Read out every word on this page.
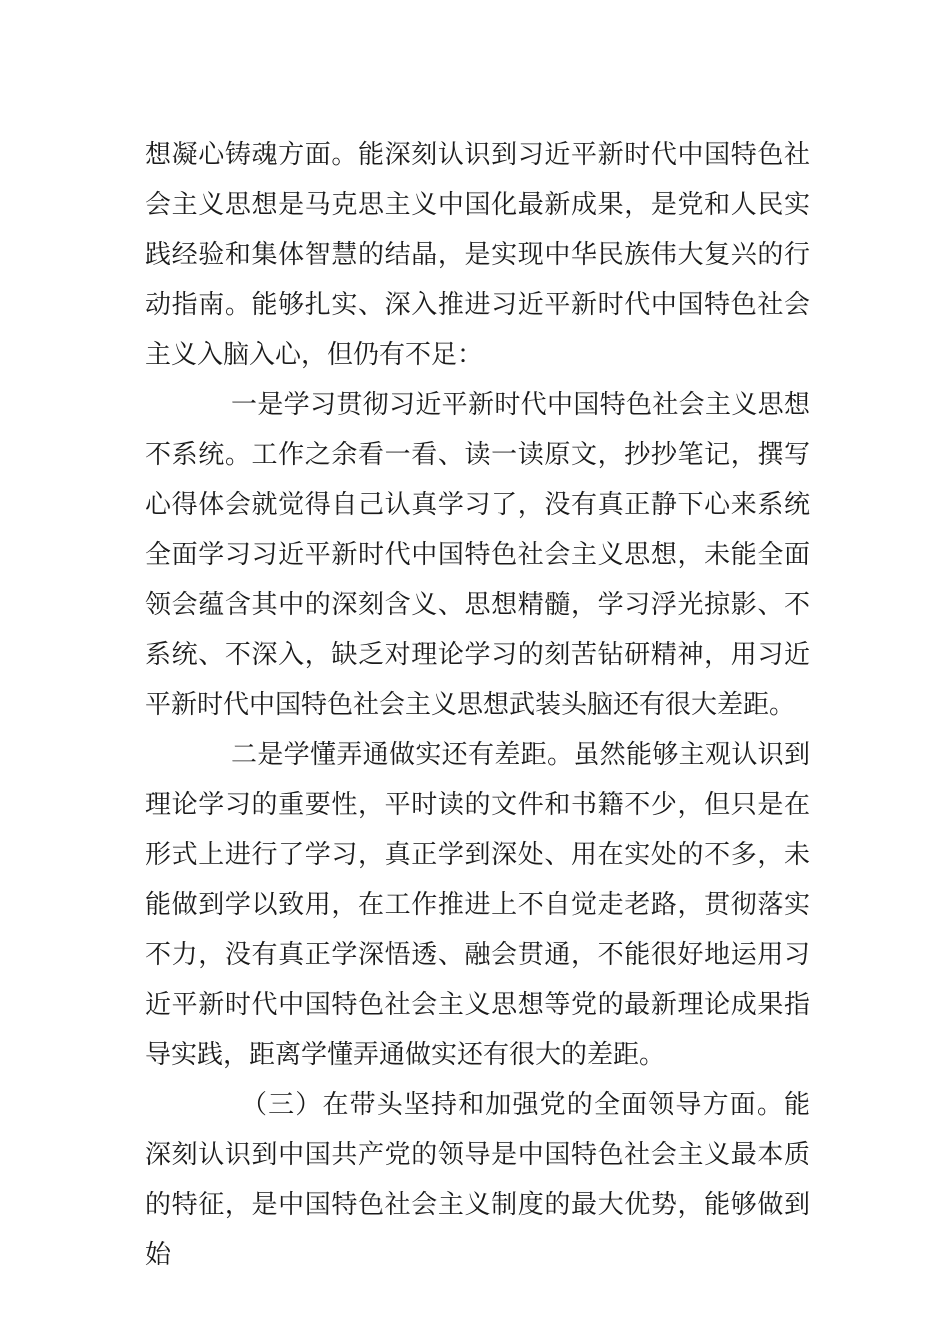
想凝心铸魂方面。能深刻认识到习近平新时代中国特色社会主义思想是马克思主义中国化最新成果，是党和人民实践经验和集体智慧的结晶，是实现中华民族伟大复兴的行动指南。能够扎实、深入推进习近平新时代中国特色社会主义入脑入心，但仍有不足：

一是学习贯彻习近平新时代中国特色社会主义思想不系统。工作之余看一看、读一读原文，抄抄笔记，撰写心得体会就觉得自己认真学习了，没有真正静下心来系统全面学习习近平新时代中国特色社会主义思想，未能全面领会蕴含其中的深刻含义、思想精髓，学习浮光掠影、不系统、不深入，缺乏对理论学习的刻苦钻研精神，用习近平新时代中国特色社会主义思想武装头脑还有很大差距。

二是学懂弄通做实还有差距。虽然能够主观认识到理论学习的重要性，平时读的文件和书籍不少，但只是在形式上进行了学习，真正学到深处、用在实处的不多，未能做到学以致用，在工作推进上不自觉走老路，贯彻落实不力，没有真正学深悟透、融会贯通，不能很好地运用习近平新时代中国特色社会主义思想等党的最新理论成果指导实践，距离学懂弄通做实还有很大的差距。

（三）在带头坚持和加强党的全面领导方面。能深刻认识到中国共产党的领导是中国特色社会主义最本质的特征，是中国特色社会主义制度的最大优势，能够做到始
